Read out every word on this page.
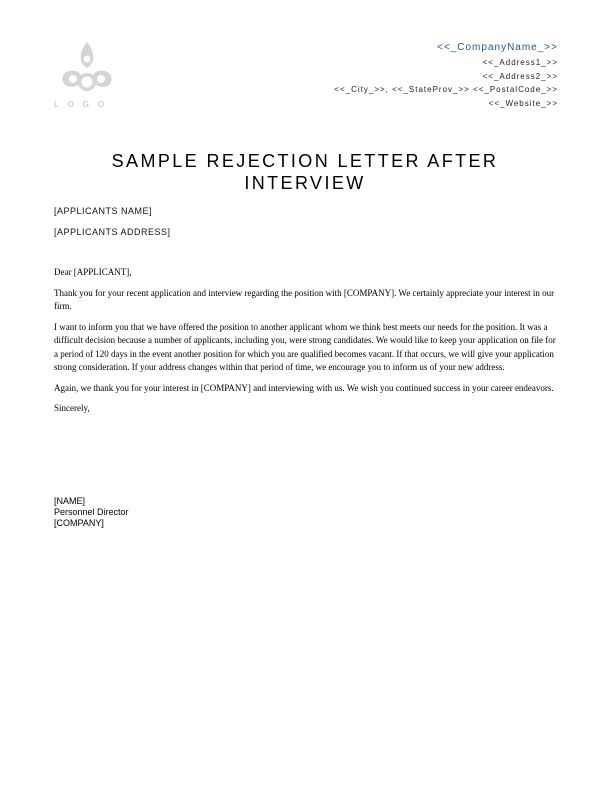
LOGO
<<_CompanyName_>>
<<_Address1_>>
<<_Address2_>>
<<_City_>>, <<_StateProv_>> <<_PostalCode_>>
<<_Website_>>
SAMPLE REJECTION LETTER AFTER INTERVIEW
[APPLICANTS NAME]
[APPLICANTS ADDRESS]

Dear [APPLICANT],

Thank you for your recent application and interview regarding the position with [COMPANY]. We certainly appreciate your interest in our firm.

I want to inform you that we have offered the position to another applicant whom we think best meets our needs for the position. It was a difficult decision because a number of applicants, including you, were strong candidates. We would like to keep your application on file for a period of 120 days in the event another position for which you are qualified becomes vacant. If that occurs, we will give your application strong consideration. If your address changes within that period of time, we encourage you to inform us of your new address.

Again, we thank you for your interest in [COMPANY] and interviewing with us. We wish you continued success in your career endeavors.

Sincerely,

[NAME]
Personnel Director
[COMPANY]
